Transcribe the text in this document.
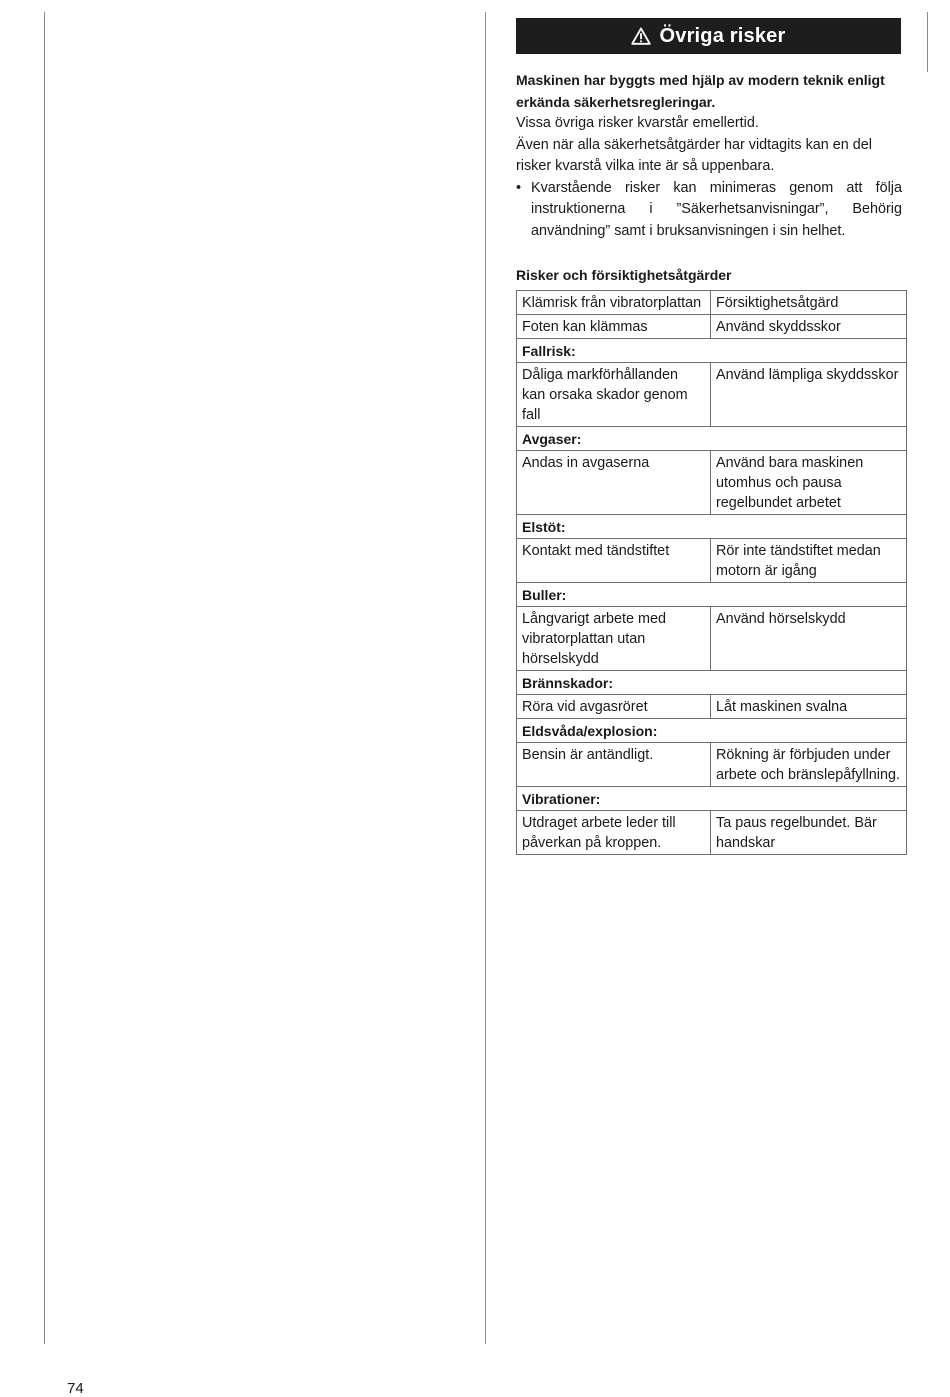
Övriga risker

Maskinen har byggts med hjälp av modern teknik enligt erkända säkerhetsregleringar.

Vissa övriga risker kvarstår emellertid.

Även när alla säkerhetsåtgärder har vidtagits kan en del risker kvarstå vilka inte är så uppenbara.

• Kvarstående risker kan minimeras genom att följa instruktionerna i ”Säkerhetsanvisningar”, Behörig användning” samt i bruksanvisningen i sin helhet.
Risker och försiktighetsåtgärder
Klämrisk från vibratorplattan	Försiktighetsåtgärd
Foten kan klämmas	Använd skyddsskor
Fallrisk:	
Dåliga markförhållanden kan orsaka skador genom fall	Använd lämpliga skyddsskor
Avgaser:	
Andas in avgaserna	Använd bara maskinen utomhus och pausa regelbundet arbetet
Elstöt:	
Kontakt med tändstiftet	Rör inte tändstiftet medan motorn är igång
Buller:	
Långvarigt arbete med vibratorplattan utan hörselskydd	Använd hörselskydd
Brännskador:	
Röra vid avgasröret	Låt maskinen svalna
Eldsvåda/explosion:	
Bensin är antändligt.	Rökning är förbjuden under arbete och bränslepåfyllning.
Vibrationer:	
Utdraget arbete leder till påverkan på kroppen.	Ta paus regelbundet. Bär handskar
74
